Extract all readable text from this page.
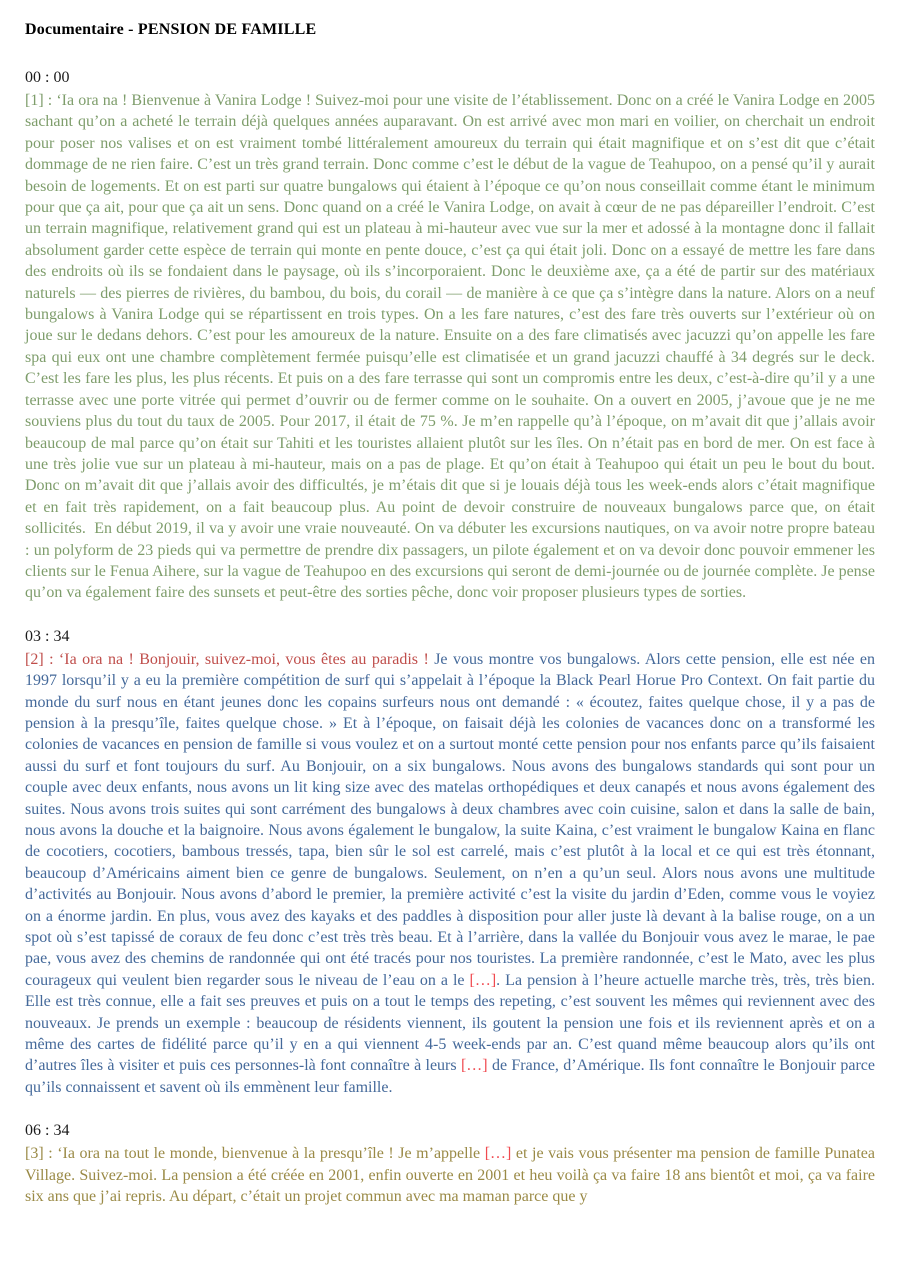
Documentaire - PENSION DE FAMILLE
00 : 00

[1] : ‘Ia ora na ! Bienvenue à Vanira Lodge ! Suivez-moi pour une visite de l’établissement. Donc on a créé le Vanira Lodge en 2005 sachant qu’on a acheté le terrain déjà quelques années auparavant. On est arrivé avec mon mari en voilier, on cherchait un endroit pour poser nos valises et on est vraiment tombé littéralement amoureux du terrain qui était magnifique et on s’est dit que c’était dommage de ne rien faire. C’est un très grand terrain. Donc comme c’est le début de la vague de Teahupoo, on a pensé qu’il y aurait besoin de logements. Et on est parti sur quatre bungalows qui étaient à l’époque ce qu’on nous conseillait comme étant le minimum pour que ça ait, pour que ça ait un sens. Donc quand on a créé le Vanira Lodge, on avait à cœur de ne pas dépareiller l’endroit. C’est un terrain magnifique, relativement grand qui est un plateau à mi-hauteur avec vue sur la mer et adossé à la montagne donc il fallait absolument garder cette espèce de terrain qui monte en pente douce, c’est ça qui était joli. Donc on a essayé de mettre les fare dans des endroits où ils se fondaient dans le paysage, où ils s’incorporaient. Donc le deuxième axe, ça a été de partir sur des matériaux naturels — des pierres de rivières, du bambou, du bois, du corail — de manière à ce que ça s’intègre dans la nature. Alors on a neuf bungalows à Vanira Lodge qui se répartissent en trois types. On a les fare natures, c’est des fare très ouverts sur l’extérieur où on joue sur le dedans dehors. C’est pour les amoureux de la nature. Ensuite on a des fare climatisés avec jacuzzi qu’on appelle les fare spa qui eux ont une chambre complètement fermée puisqu’elle est climatisée et un grand jacuzzi chauffé à 34 degrés sur le deck. C’est les fare les plus, les plus récents. Et puis on a des fare terrasse qui sont un compromis entre les deux, c’est-à-dire qu’il y a une terrasse avec une porte vitrée qui permet d’ouvrir ou de fermer comme on le souhaite. On a ouvert en 2005, j’avoue que je ne me souviens plus du tout du taux de 2005. Pour 2017, il était de 75 %. Je m’en rappelle qu’à l’époque, on m’avait dit que j’allais avoir beaucoup de mal parce qu’on était sur Tahiti et les touristes allaient plutôt sur les îles. On n’était pas en bord de mer. On est face à une très jolie vue sur un plateau à mi-hauteur, mais on a pas de plage. Et qu’on était à Teahupoo qui était un peu le bout du bout. Donc on m’avait dit que j’allais avoir des difficultés, je m’étais dit que si je louais déjà tous les week-ends alors c’était magnifique et en fait très rapidement, on a fait beaucoup plus. Au point de devoir construire de nouveaux bungalows parce que, on était sollicités.  En début 2019, il va y avoir une vraie nouveauté. On va débuter les excursions nautiques, on va avoir notre propre bateau : un polyform de 23 pieds qui va permettre de prendre dix passagers, un pilote également et on va devoir donc pouvoir emmener les clients sur le Fenua Aihere, sur la vague de Teahupoo en des excursions qui seront de demi-journée ou de journée complète. Je pense qu’on va également faire des sunsets et peut-être des sorties pêche, donc voir proposer plusieurs types de sorties.

03 : 34

[2] : ‘Ia ora na ! Bonjouir, suivez-moi, vous êtes au paradis ! Je vous montre vos bungalows. Alors cette pension, elle est née en 1997 lorsqu’il y a eu la première compétition de surf qui s’appelait à l’époque la Black Pearl Horue Pro Context. On fait partie du monde du surf nous en étant jeunes donc les copains surfeurs nous ont demandé : « écoutez, faites quelque chose, il y a pas de pension à la presqu’île, faites quelque chose. » Et à l’époque, on faisait déjà les colonies de vacances donc on a transformé les colonies de vacances en pension de famille si vous voulez et on a surtout monté cette pension pour nos enfants parce qu’ils faisaient aussi du surf et font toujours du surf. Au Bonjouir, on a six bungalows. Nous avons des bungalows standards qui sont pour un couple avec deux enfants, nous avons un lit king size avec des matelas orthopédiques et deux canapés et nous avons également des suites. Nous avons trois suites qui sont carrément des bungalows à deux chambres avec coin cuisine, salon et dans la salle de bain, nous avons la douche et la baignoire. Nous avons également le bungalow, la suite Kaina, c’est vraiment le bungalow Kaina en flanc de cocotiers, cocotiers, bambous tressés, tapa, bien sûr le sol est carrelé, mais c’est plutôt à la local et ce qui est très étonnant, beaucoup d’Américains aiment bien ce genre de bungalows. Seulement, on n’en a qu’un seul. Alors nous avons une multitude d’activités au Bonjouir. Nous avons d’abord le premier, la première activité c’est la visite du jardin d’Eden, comme vous le voyiez on a énorme jardin. En plus, vous avez des kayaks et des paddles à disposition pour aller juste là devant à la balise rouge, on a un spot où s’est tapissé de coraux de feu donc c’est très très beau. Et à l’arrière, dans la vallée du Bonjouir vous avez le marae, le pae pae, vous avez des chemins de randonnée qui ont été tracés pour nos touristes. La première randonnée, c’est le Mato, avec les plus courageux qui veulent bien regarder sous le niveau de l’eau on a le […]. La pension à l’heure actuelle marche très, très, très bien. Elle est très connue, elle a fait ses preuves et puis on a tout le temps des repeting, c’est souvent les mêmes qui reviennent avec des nouveaux. Je prends un exemple : beaucoup de résidents viennent, ils goutent la pension une fois et ils reviennent après et on a même des cartes de fidélité parce qu’il y en a qui viennent 4-5 week-ends par an. C’est quand même beaucoup alors qu’ils ont d’autres îles à visiter et puis ces personnes-là font connaître à leurs […] de France, d’Amérique. Ils font connaître le Bonjouir parce qu’ils connaissent et savent où ils emmènent leur famille.

06 : 34

[3] : ‘Ia ora na tout le monde, bienvenue à la presqu’île ! Je m’appelle […] et je vais vous présenter ma pension de famille Punatea Village. Suivez-moi. La pension a été créée en 2001, enfin ouverte en 2001 et heu voilà ça va faire 18 ans bientôt et moi, ça va faire six ans que j’ai repris. Au départ, c’était un projet commun avec ma maman parce que y
